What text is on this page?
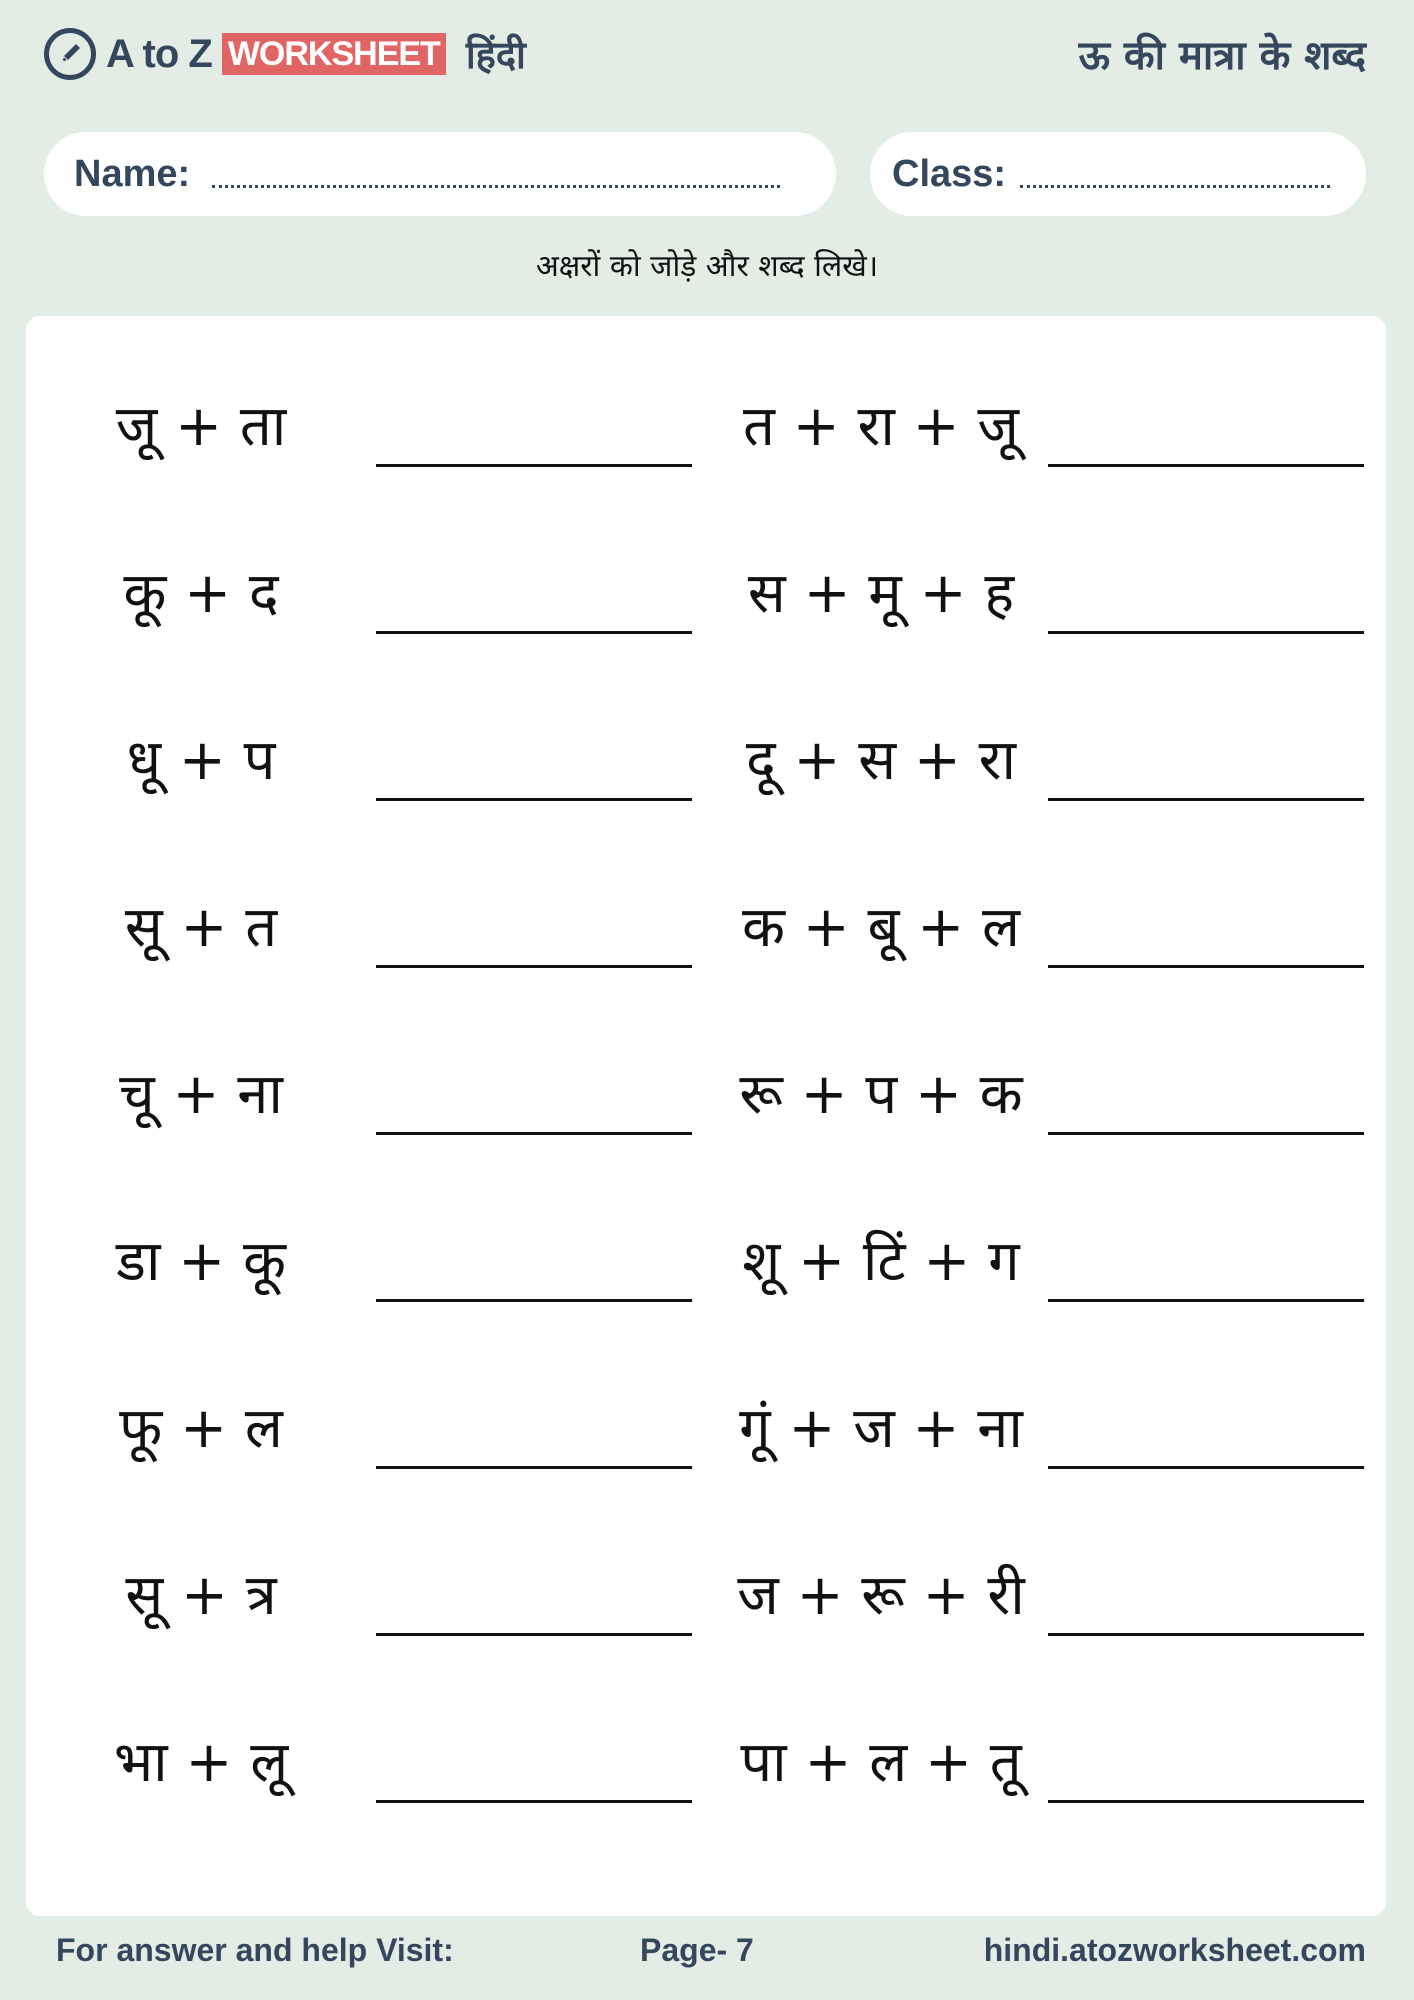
A to Z WORKSHEET हिंदी	ऊ की मात्रा के शब्द
Name:	Class:
अक्षरों को जोड़े और शब्द लिखे।
जू + ता	त + रा + जू
कू + द	स + मू + ह
धू + प	दू + स + रा
सू + त	क + बू + ल
चू + ना	रू + प + क
डा + कू	शू + टिं + ग
फू + ल	गूं + ज + ना
सू + त्र	ज + रू + री
भा + लू	पा + ल + तू
For answer and help Visit:	Page- 7	hindi.atozworksheet.com
